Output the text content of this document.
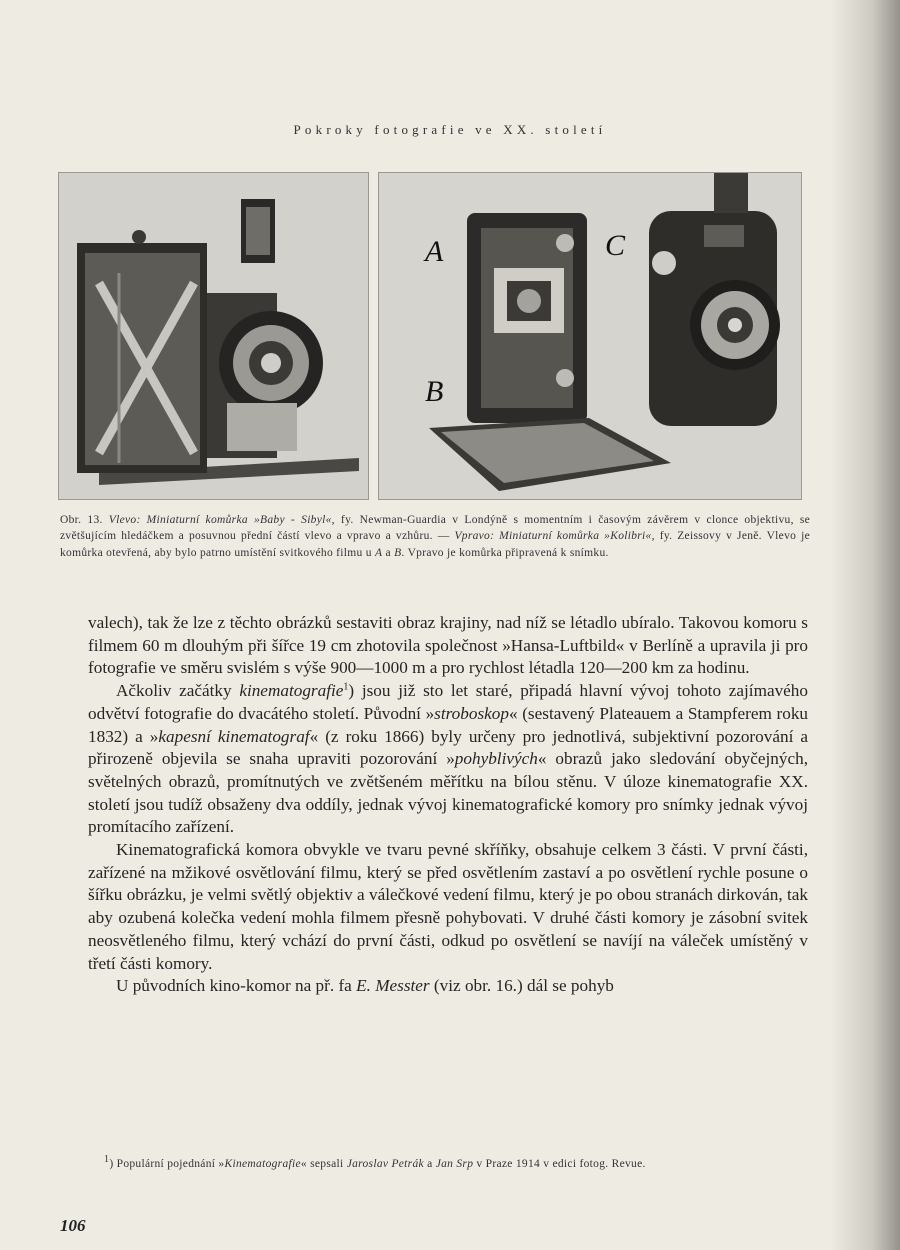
Pokroky fotografie ve XX. století
A	C
B
Obr. 13. Vlevo: Miniaturní komůrka »Baby - Sibyl«, fy. Newman-Guardia v Londýně s momentním i časovým závěrem v clonce objektivu, se zvětšujícím hledáčkem a posuvnou přední částí vlevo a vpravo a vzhůru. — Vpravo: Miniaturní komůrka »Kolibri«, fy. Zeissovy v Jeně. Vlevo je komůrka otevřená, aby bylo patrno umístění svitkového filmu u A a B. Vpravo je komůrka připravená k snímku.

valech), tak že lze z těchto obrázků sestaviti obraz krajiny, nad níž se létadlo ubíralo. Takovou komoru s filmem 60 m dlouhým při šířce 19 cm zhotovila společnost »Hansa-Luftbild« v Berlíně a upravila ji pro fotografie ve směru svislém s výše 900—1000 m a pro rychlost létadla 120—200 km za hodinu.

Ačkoliv začátky kinematografie$^1$) jsou již sto let staré, připadá hlavní vývoj tohoto zajímavého odvětví fotografie do dvacátého století. Původní »stroboskop« (sestavený Plateauem a Stampferem roku 1832) a »kapesní kinematograf« (z roku 1866) byly určeny pro jednotlivá, subjektivní pozorování a přirozeně objevila se snaha upraviti pozorování »pohyblivých« obrazů jako sledování obyčejných, světelných obrazů, promítnutých ve zvětšeném měřítku na bílou stěnu. V úloze kinematografie XX. století jsou tudíž obsaženy dva oddíly, jednak vývoj kinematografické komory pro snímky jednak vývoj promítacího zařízení.

Kinematografická komora obvykle ve tvaru pevné skříňky, obsahuje celkem 3 části. V první části, zařízené na mžikové osvětlování filmu, který se před osvětlením zastaví a po osvětlení rychle posune o šířku obrázku, je velmi světlý objektiv a válečkové vedení filmu, který je po obou stranách dirkován, tak aby ozubená kolečka vedení mohla filmem přesně pohybovati. V druhé části komory je zásobní svitek neosvětleného filmu, který vchází do první části, odkud po osvětlení se navíjí na váleček umístěný v třetí části komory.

U původních kino-komor na př. fa E. Messter (viz obr. 16.) dál se pohyb

$^1$) Populární pojednání »Kinematografie« sepsali Jaroslav Petrák a Jan Srp v Praze 1914 v edici fotog. Revue.
106
